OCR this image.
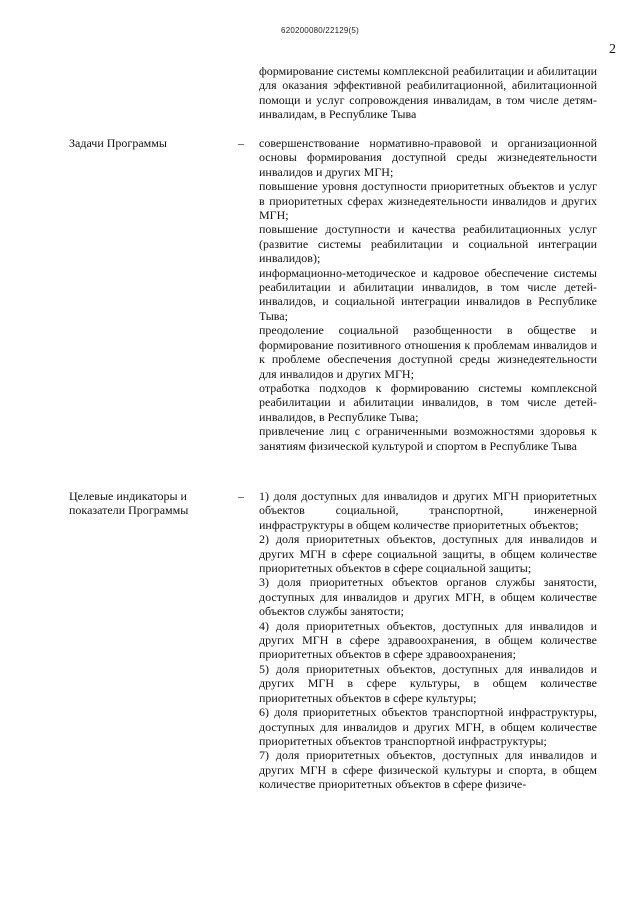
620200080/22129(5)
2
формирование системы комплексной реабилитации и абилитации для оказания эффективной реабилитационной, абилитационной помощи и услуг сопровождения инвалидам, в том числе детям-инвалидам, в Республике Тыва
Задачи Программы	– совершенствование нормативно-правовой и организационной основы формирования доступной среды жизнедеятельности инвалидов и других МГН;

повышение уровня доступности приоритетных объектов и услуг в приоритетных сферах жизнедеятельности инвалидов и других МГН;

повышение доступности и качества реабилитационных услуг (развитие системы реабилитации и социальной интеграции инвалидов);

информационно-методическое и кадровое обеспечение системы реабилитации и абилитации инвалидов, в том числе детей-инвалидов, и социальной интеграции инвалидов в Республике Тыва;

преодоление социальной разобщенности в обществе и формирование позитивного отношения к проблемам инвалидов и к проблеме обеспечения доступной среды жизнедеятельности для инвалидов и других МГН;

отработка подходов к формированию системы комплексной реабилитации и абилитации инвалидов, в том числе детей-инвалидов, в Республике Тыва;

привлечение лиц с ограниченными возможностями здоровья к занятиям физической культурой и спортом в Республике Тыва

Целевые индикаторы и показатели Программы
– 1) доля доступных для инвалидов и других МГН приоритетных объектов социальной, транспортной, инженерной инфраструктуры в общем количестве приоритетных объектов;

2) доля приоритетных объектов, доступных для инвалидов и других МГН в сфере социальной защиты, в общем количестве приоритетных объектов в сфере социальной защиты;

3) доля приоритетных объектов органов службы занятости, доступных для инвалидов и других МГН, в общем количестве объектов службы занятости;

4) доля приоритетных объектов, доступных для инвалидов и других МГН в сфере здравоохранения, в общем количестве приоритетных объектов в сфере здравоохранения;

5) доля приоритетных объектов, доступных для инвалидов и других МГН в сфере культуры, в общем количестве приоритетных объектов в сфере культуры;

6) доля приоритетных объектов транспортной инфраструктуры, доступных для инвалидов и других МГН, в общем количестве приоритетных объектов транспортной инфраструктуры;

7) доля приоритетных объектов, доступных для инвалидов и других МГН в сфере физической культуры и спорта, в общем количестве приоритетных объектов в сфере физиче-
